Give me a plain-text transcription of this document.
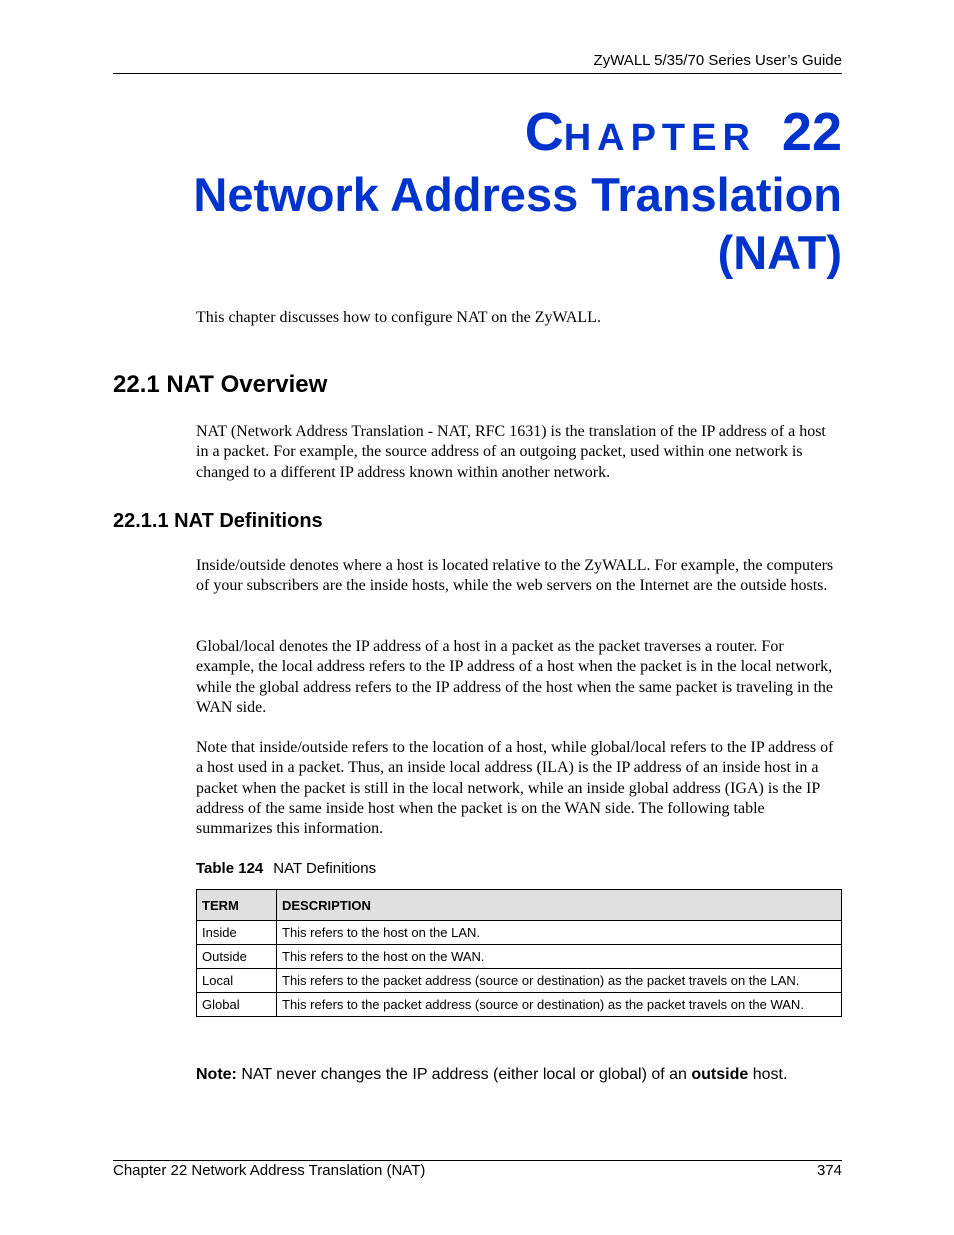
ZyWALL 5/35/70 Series User’s Guide
CHAPTER 22
Network Address Translation (NAT)
This chapter discusses how to configure NAT on the ZyWALL.
22.1 NAT Overview
NAT (Network Address Translation - NAT, RFC 1631) is the translation of the IP address of a host in a packet. For example, the source address of an outgoing packet, used within one network is changed to a different IP address known within another network.
22.1.1 NAT Definitions
Inside/outside denotes where a host is located relative to the ZyWALL. For example, the computers of your subscribers are the inside hosts, while the web servers on the Internet are the outside hosts.
Global/local denotes the IP address of a host in a packet as the packet traverses a router. For example, the local address refers to the IP address of a host when the packet is in the local network, while the global address refers to the IP address of the host when the same packet is traveling in the WAN side.
Note that inside/outside refers to the location of a host, while global/local refers to the IP address of a host used in a packet. Thus, an inside local address (ILA) is the IP address of an inside host in a packet when the packet is still in the local network, while an inside global address (IGA) is the IP address of the same inside host when the packet is on the WAN side. The following table summarizes this information.
Table 124 NAT Definitions
TERM	DESCRIPTION
Inside	This refers to the host on the LAN.
Outside	This refers to the host on the WAN.
Local	This refers to the packet address (source or destination) as the packet travels on the LAN.
Global	This refers to the packet address (source or destination) as the packet travels on the WAN.
Note: NAT never changes the IP address (either local or global) of an outside host.
Chapter 22 Network Address Translation (NAT)	374
